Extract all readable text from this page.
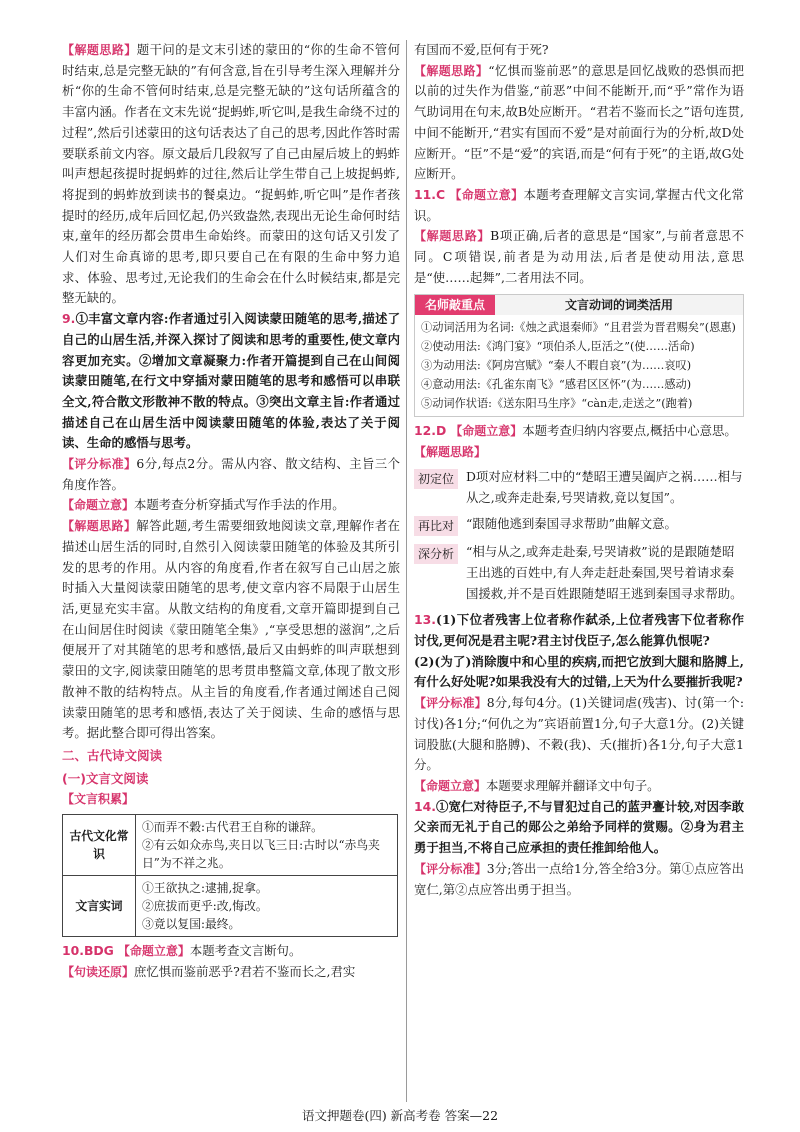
【解题思路】题干问的是文末引述的蒙田的“你的生命不管何时结束,总是完整无缺的”有何含意,旨在引导考生深入理解并分析“你的生命不管何时结束,总是完整无缺的”这句话所蕴含的丰富内涵。作者在文末先说“捉蚂蚱,听它叫,是我生命绕不过的过程”,然后引述蒙田的这句话表达了自己的思考,因此作答时需要联系前文内容。原文最后几段叙写了自己由屋后坡上的蚂蚱叫声想起孩提时捉蚂蚱的过往,然后让学生带自己上坡捉蚂蚱,将捉到的蚂蚱放到读书的餐桌边。“捉蚂蚱,听它叫”是作者孩提时的经历,成年后回忆起,仍兴致盎然,表现出无论生命何时结束,童年的经历都会贯串生命始终。而蒙田的这句话又引发了人们对生命真谛的思考,即只要自己在有限的生命中努力追求、体验、思考过,无论我们的生命会在什么时候结束,都是完整无缺的。

9.①丰富文章内容:作者通过引入阅读蒙田随笔的思考,描述了自己的山居生活,并深入探讨了阅读和思考的重要性,使文章内容更加充实。②增加文章凝聚力:作者开篇提到自己在山间阅读蒙田随笔,在行文中穿插对蒙田随笔的思考和感悟可以串联全文,符合散文形散神不散的特点。③突出文章主旨:作者通过描述自己在山居生活中阅读蒙田随笔的体验,表达了关于阅读、生命的感悟与思考。

【评分标准】6分,每点2分。需从内容、散文结构、主旨三个角度作答。

【命题立意】本题考查分析穿插式写作手法的作用。

【解题思路】解答此题,考生需要细致地阅读文章,理解作者在描述山居生活的同时,自然引入阅读蒙田随笔的体验及其所引发的思考的作用。从内容的角度看,作者在叙写自己山居之旅时插入大量阅读蒙田随笔的思考,使文章内容不局限于山居生活,更显充实丰富。从散文结构的角度看,文章开篇即提到自己在山间居住时阅读《蒙田随笔全集》,“享受思想的滋润”,之后便展开了对其随笔的思考和感悟,最后又由蚂蚱的叫声联想到蒙田的文字,阅读蒙田随笔的思考贯串整篇文章,体现了散文形散神不散的结构特点。从主旨的角度看,作者通过阐述自己阅读蒙田随笔的思考和感悟,表达了关于阅读、生命的感悟与思考。据此整合即可得出答案。

二、古代诗文阅读
(一)文言文阅读
【文言积累】
古代文化常识	①而弄不穀:古代君王自称的谦辞。
②有云如众赤鸟,夹日以飞三日:古时以“赤鸟夹日”为不祥之兆。

文言实词	①王欲执之:逮捕,捉拿。
②庶拔而更乎:改,悔改。
③竟以复国:最终。

10.BDG 【命题立意】本题考查文言断句。

【句读还原】庶忆惧而鉴前恶乎?君若不鉴而长之,君实

有国而不爱,臣何有于死?

【解题思路】“忆惧而鉴前恶”的意思是回忆战败的恐惧而把以前的过失作为借鉴,“前恶”中间不能断开,而“乎”常作为语气助词用在句末,故B处应断开。“君若不鉴而长之”语句连贯,中间不能断开,“君实有国而不爱”是对前面行为的分析,故D处应断开。“臣”不是“爱”的宾语,而是“何有于死”的主语,故G处应断开。

11.C 【命题立意】本题考查理解文言实词,掌握古代文化常识。

【解题思路】B项正确,后者的意思是“国家”,与前者意思不同。C项错误,前者是为动用法,后者是使动用法,意思是“使……起舞”,二者用法不同。

名师敲重点	文言动词的词类活用
①动词活用为名词:《烛之武退秦师》“且君尝为晋君赐矣”(恩惠)
②使动用法:《鸿门宴》“项伯杀人,臣活之”(使……活命)
③为动用法:《阿房宫赋》“秦人不暇自哀”(为……哀叹)
④意动用法:《孔雀东南飞》“感君区区怀”(为……感动)
⑤动词作状语:《送东阳马生序》“càn走,走送之”(跑着)

12.D 【命题立意】本题考查归纳内容要点,概括中心意思。

【解题思路】
初定位 D项对应材料二中的“楚昭王遭吴阖庐之祸……相与从之,或奔走赴秦,号哭请救,竟以复国”。
再比对 “跟随他逃到秦国寻求帮助”曲解文意。
深分析 “相与从之,或奔走赴秦,号哭请救”说的是跟随楚昭王出逃的百姓中,有人奔走赶赴秦国,哭号着请求秦国援救,并不是百姓跟随楚昭王逃到秦国寻求帮助。

13.(1)下位者残害上位者称作弑杀,上位者残害下位者称作讨伐,更何况是君主呢?君主讨伐臣子,怎么能算仇恨呢?

(2)(为了)消除腹中和心里的疾病,而把它放到大腿和胳膊上,有什么好处呢?如果我没有大的过错,上天为什么要摧折我呢?

【评分标准】8分,每句4分。(1)关键词虐(残害)、讨(第一个:讨伐)各1分;“何仇之为”宾语前置1分,句子大意1分。(2)关键词股肱(大腿和胳膊)、不穀(我)、夭(摧折)各1分,句子大意1分。

【命题立意】本题要求理解并翻译文中句子。

14.①宽仁对待臣子,不与冒犯过自己的蓝尹亹计较,对因李敢父亲而无礼于自己的郧公之弟给予同样的赏赐。②身为君主勇于担当,不将自己应承担的责任推卸给他人。

【评分标准】3分;答出一点给1分,答全给3分。第①点应答出宽仁,第②点应答出勇于担当。

语文押题卷(四) 新高考卷 答案—22
